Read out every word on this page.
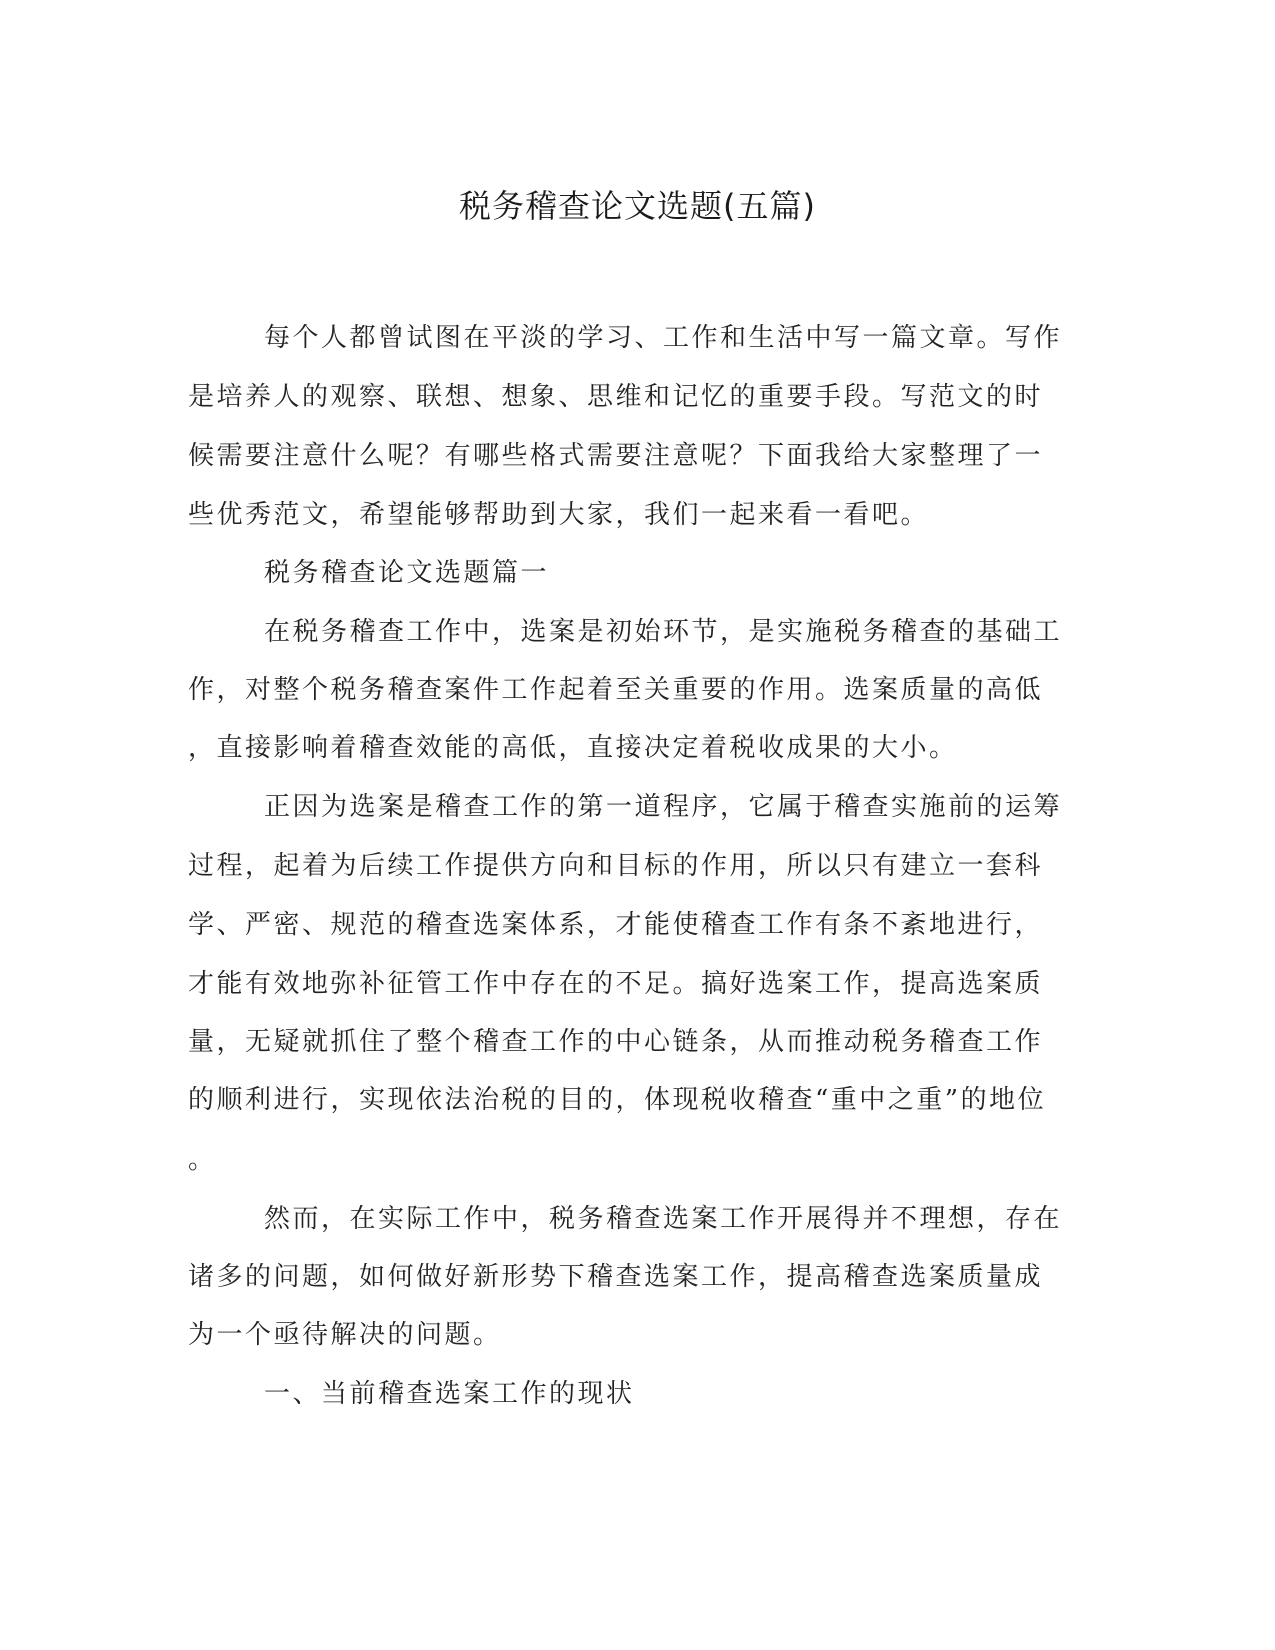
税务稽查论文选题(五篇)
每个人都曾试图在平淡的学习、工作和生活中写一篇文章。写作
是培养人的观察、联想、想象、思维和记忆的重要手段。写范文的时
候需要注意什么呢？有哪些格式需要注意呢？下面我给大家整理了一
些优秀范文，希望能够帮助到大家，我们一起来看一看吧。
税务稽查论文选题篇一
在税务稽查工作中，选案是初始环节，是实施税务稽查的基础工
作，对整个税务稽查案件工作起着至关重要的作用。选案质量的高低
，直接影响着稽查效能的高低，直接决定着税收成果的大小。
正因为选案是稽查工作的第一道程序，它属于稽查实施前的运筹
过程，起着为后续工作提供方向和目标的作用，所以只有建立一套科
学、严密、规范的稽查选案体系，才能使稽查工作有条不紊地进行，
才能有效地弥补征管工作中存在的不足。搞好选案工作，提高选案质
量，无疑就抓住了整个稽查工作的中心链条，从而推动税务稽查工作
的顺利进行，实现依法治税的目的，体现税收稽查“重中之重”的地位
。
然而，在实际工作中，税务稽查选案工作开展得并不理想，存在
诸多的问题，如何做好新形势下稽查选案工作，提高稽查选案质量成
为一个亟待解决的问题。
一、当前稽查选案工作的现状
